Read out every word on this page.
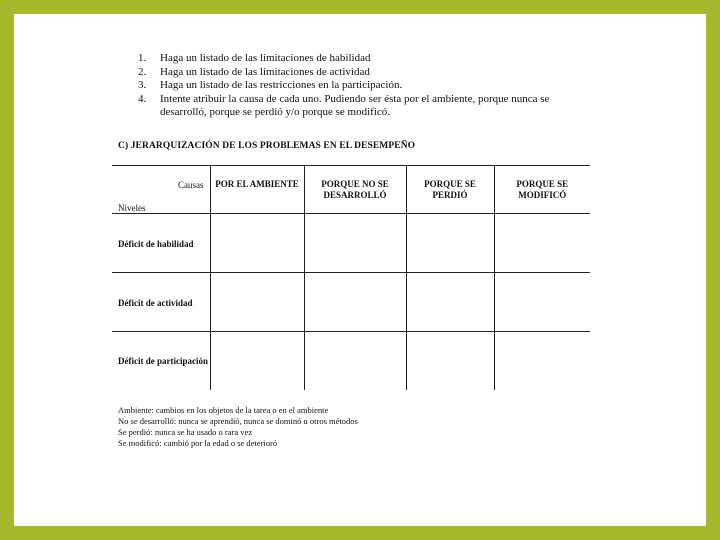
1.	Haga un listado de las limitaciones de habilidad
2.	Haga un listado de las limitaciones de actividad
3.	Haga un listado de las restricciones en la participación.
4.	Intente atribuir la causa de cada uno. Pudiendo ser ésta por el ambiente, porque nunca se desarrolló, porque se perdió y/o porque se modificó.
C) JERARQUIZACIÓN DE LOS PROBLEMAS EN EL DESEMPEÑO
Causas
Niveles	POR EL AMBIENTE	PORQUE NO SE DESARROLLÓ	PORQUE SE PERDIÓ	PORQUE SE MODIFICÓ

Déficit de habilidad				

Déficit de actividad				

Déficit de participación				

Ambiente: cambios en los objetos de la tarea o en el ambiente
No se desarrolló: nunca se aprendió, nunca se dominó u otros métodos
Se perdió: nunca se ha usado o rara vez
Se modificó: cambió por la edad o se deterioró
